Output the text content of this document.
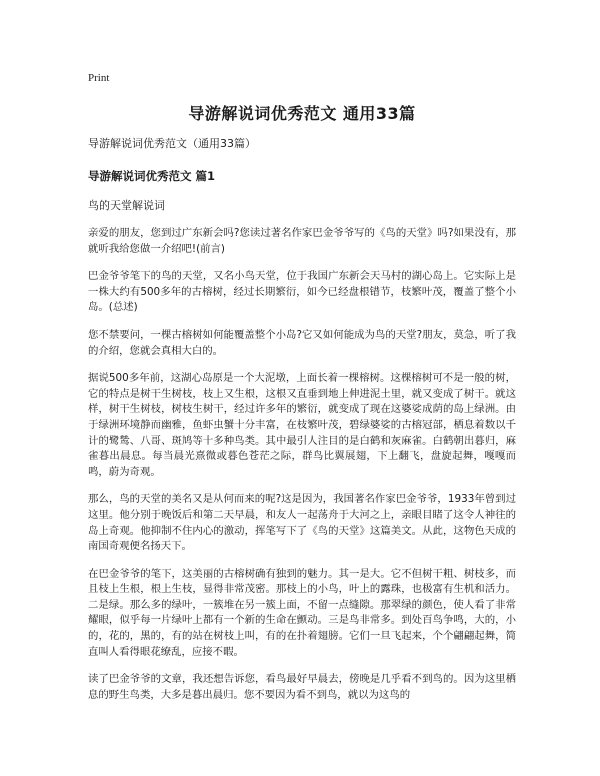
Print
导游解说词优秀范文 通用33篇
导游解说词优秀范文（通用33篇）
导游解说词优秀范文 篇1
鸟的天堂解说词

亲爱的朋友，您到过广东新会吗?您读过著名作家巴金爷爷写的《鸟的天堂》吗?如果没有，那就听我给您做一介绍吧!(前言)

巴金爷爷笔下的鸟的天堂，又名小鸟天堂，位于我国广东新会天马村的湖心岛上。它实际上是一株大约有500多年的古榕树，经过长期繁衍，如今已经盘根错节，枝繁叶茂，覆盖了整个小岛。(总述)

您不禁要问，一棵古榕树如何能覆盖整个小岛?它又如何能成为鸟的天堂?朋友，莫急，听了我的介绍，您就会真相大白的。

据说500多年前，这湖心岛原是一个大泥墩，上面长着一棵榕树。这棵榕树可不是一般的树，它的特点是树干生树枝，枝上又生根，这根又直垂到地上伸进泥土里，就又变成了树干。就这样，树干生树枝，树枝生树干，经过许多年的繁衍，就变成了现在这婆娑成荫的岛上绿洲。由于绿洲环境静而幽雅，鱼虾虫蟹十分丰富，在枝繁叶茂，碧绿婆娑的古榕冠部，栖息着数以千计的鹭鸶、八哥、斑鸠等十多种鸟类。其中最引人注目的是白鹤和灰麻雀。白鹤朝出暮归，麻雀暮出晨息。每当晨光熹微或暮色苍茫之际，群鸟比翼展翅，下上翻飞，盘旋起舞，嘎嘎而鸣，蔚为奇观。

那么，鸟的天堂的美名又是从何而来的呢?这是因为，我国著名作家巴金爷爷，1933年曾到过这里。他分别于晚饭后和第二天早晨，和友人一起荡舟于大河之上，亲眼目睹了这令人神往的岛上奇观。他抑制不住内心的激动，挥笔写下了《鸟的天堂》这篇美文。从此，这物色天成的南国奇观便名扬天下。

在巴金爷爷的笔下，这美丽的古榕树确有独到的魅力。其一是大。它不但树干粗、树枝多，而且枝上生根，根上生枝，显得非常茂密。那枝上的小鸟，叶上的露珠，也极富有生机和活力。二是绿。那么多的绿叶，一簇堆在另一簇上面，不留一点缝隙。那翠绿的颜色，使人看了非常耀眼，似乎每一片绿叶上都有一个新的生命在颤动。三是鸟非常多。到处百鸟争鸣，大的，小的，花的，黑的，有的站在树枝上叫，有的在扑着翅膀。它们一旦飞起来，个个翩翩起舞，简直叫人看得眼花缭乱，应接不暇。

读了巴金爷爷的文章，我还想告诉您，看鸟最好早晨去，傍晚是几乎看不到鸟的。因为这里栖息的野生鸟类，大多是暮出晨归。您不要因为看不到鸟，就以为这鸟的
